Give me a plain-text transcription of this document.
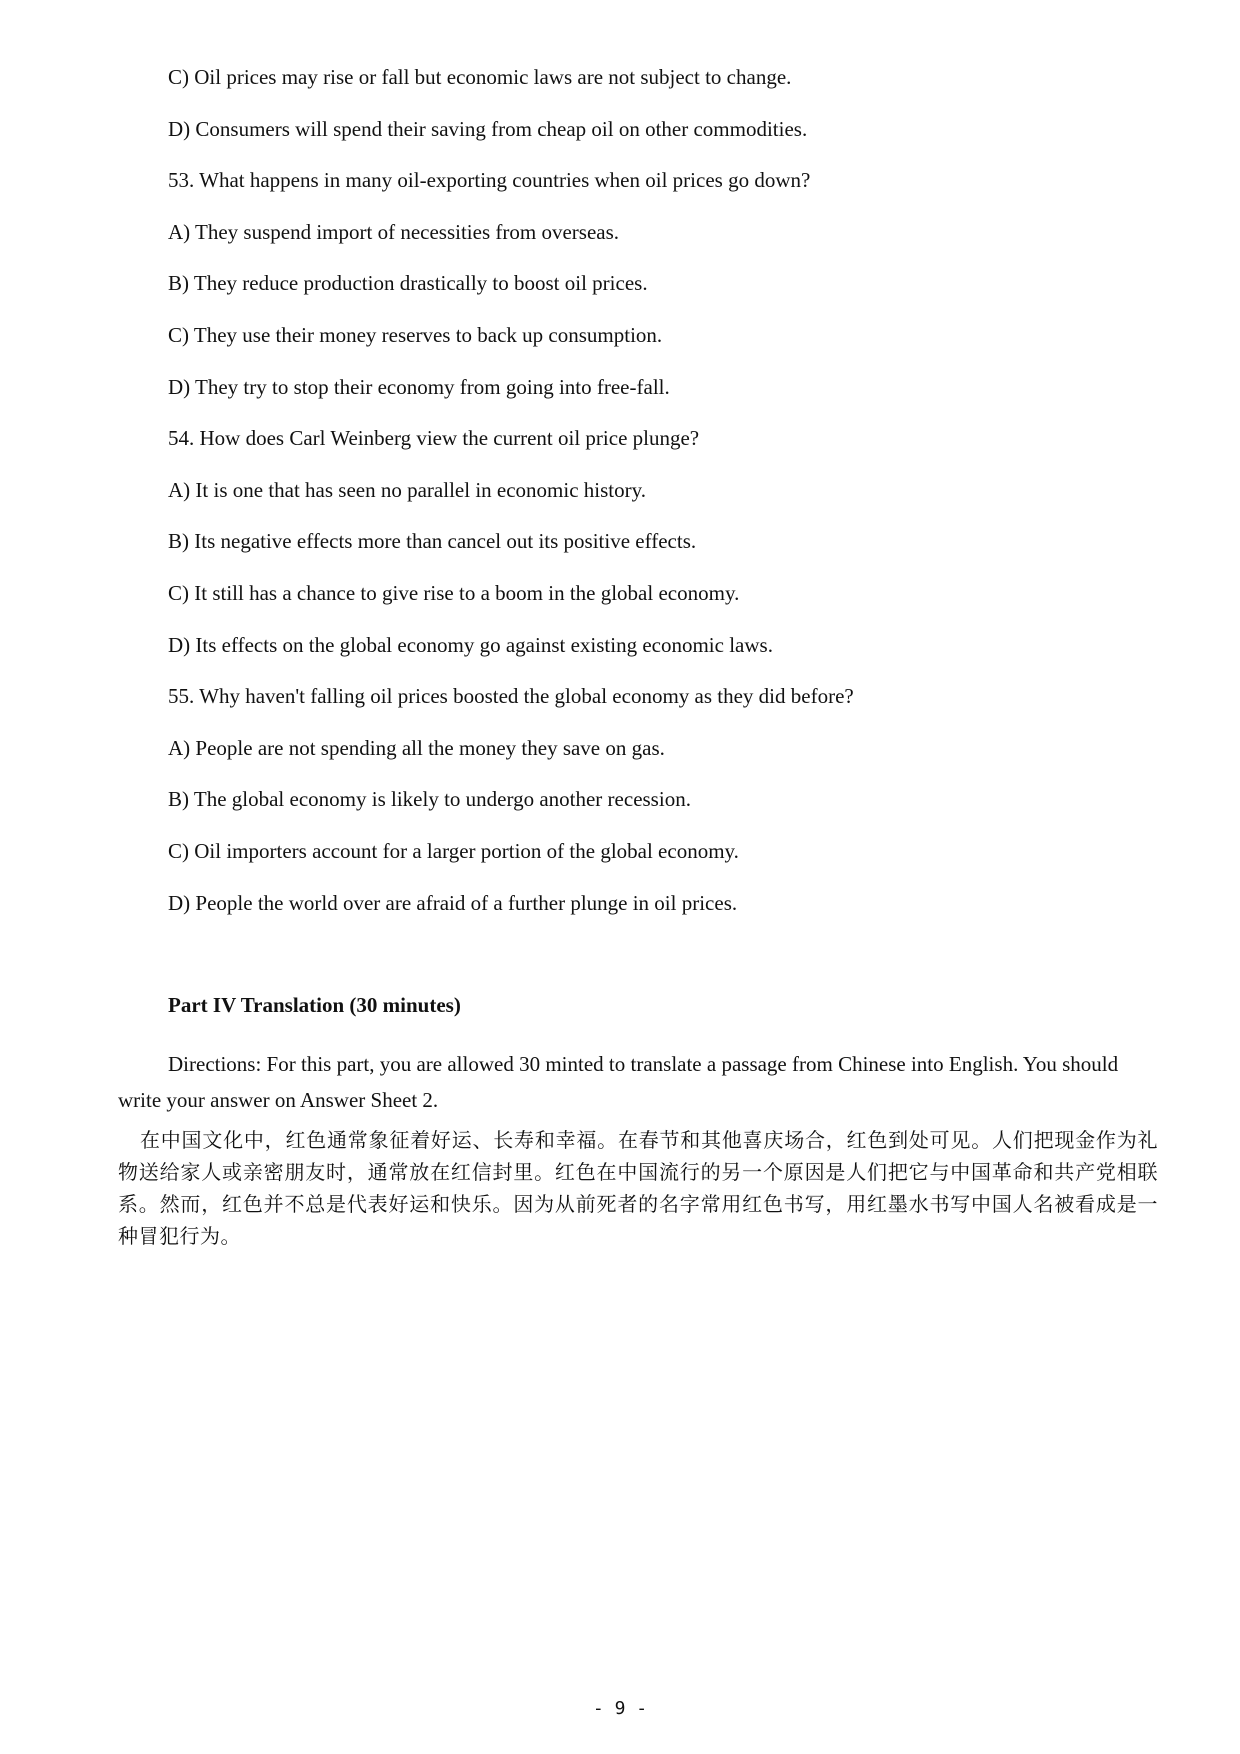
C) Oil prices may rise or fall but economic laws are not subject to change.
D) Consumers will spend their saving from cheap oil on other commodities.
53. What happens in many oil-exporting countries when oil prices go down?
A) They suspend import of necessities from overseas.
B) They reduce production drastically to boost oil prices.
C) They use their money reserves to back up consumption.
D) They try to stop their economy from going into free-fall.
54. How does Carl Weinberg view the current oil price plunge?
A) It is one that has seen no parallel in economic history.
B) Its negative effects more than cancel out its positive effects.
C) It still has a chance to give rise to a boom in the global economy.
D) Its effects on the global economy go against existing economic laws.
55. Why haven't falling oil prices boosted the global economy as they did before?
A) People are not spending all the money they save on gas.
B) The global economy is likely to undergo another recession.
C) Oil importers account for a larger portion of the global economy.
D) People the world over are afraid of a further plunge in oil prices.
Part IV Translation (30 minutes)
Directions: For this part, you are allowed 30 minted to translate a passage from Chinese into English. You should write your answer on Answer Sheet 2.
在中国文化中，红色通常象征着好运、长寿和幸福。在春节和其他喜庆场合，红色到处可见。人们把现金作为礼物送给家人或亲密朋友时，通常放在红信封里。红色在中国流行的另一个原因是人们把它与中国革命和共产党相联系。然而，红色并不总是代表好运和快乐。因为从前死者的名字常用红色书写，用红墨水书写中国人名被看成是一种冒犯行为。
- 9 -
